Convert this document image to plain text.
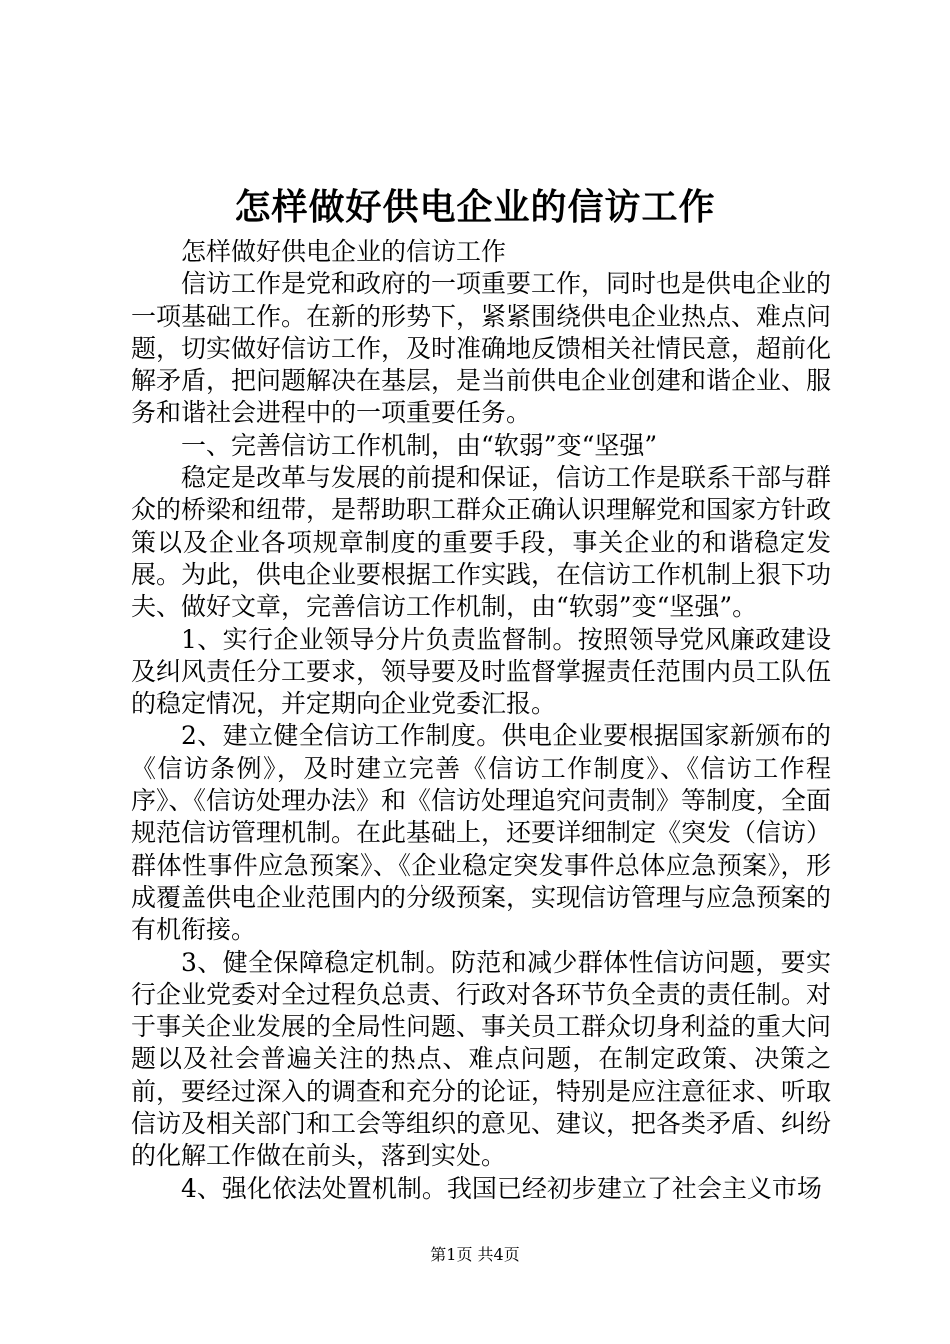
怎样做好供电企业的信访工作

怎样做好供电企业的信访工作

信访工作是党和政府的一项重要工作，同时也是供电企业的一项基础工作。在新的形势下，紧紧围绕供电企业热点、难点问题，切实做好信访工作，及时准确地反馈相关社情民意，超前化解矛盾，把问题解决在基层，是当前供电企业创建和谐企业、服务和谐社会进程中的一项重要任务。

一、完善信访工作机制，由“软弱”变“坚强”

稳定是改革与发展的前提和保证，信访工作是联系干部与群众的桥梁和纽带，是帮助职工群众正确认识理解党和国家方针政策以及企业各项规章制度的重要手段，事关企业的和谐稳定发展。为此，供电企业要根据工作实践，在信访工作机制上狠下功夫、做好文章，完善信访工作机制，由“软弱”变“坚强”。

1、实行企业领导分片负责监督制。按照领导党风廉政建设及纠风责任分工要求，领导要及时监督掌握责任范围内员工队伍的稳定情况，并定期向企业党委汇报。

2、建立健全信访工作制度。供电企业要根据国家新颁布的《信访条例》，及时建立完善《信访工作制度》、《信访工作程序》、《信访处理办法》和《信访处理追究问责制》等制度，全面规范信访管理机制。在此基础上，还要详细制定《突发（信访）群体性事件应急预案》、《企业稳定突发事件总体应急预案》，形成覆盖供电企业范围内的分级预案，实现信访管理与应急预案的有机衔接。

3、健全保障稳定机制。防范和减少群体性信访问题，要实行企业党委对全过程负总责、行政对各环节负全责的责任制。对于事关企业发展的全局性问题、事关员工群众切身利益的重大问题以及社会普遍关注的热点、难点问题，在制定政策、决策之前，要经过深入的调查和充分的论证，特别是应注意征求、听取信访及相关部门和工会等组织的意见、建议，把各类矛盾、纠纷的化解工作做在前头，落到实处。

4、强化依法处置机制。我国已经初步建立了社会主义市场

第1页 共4页
